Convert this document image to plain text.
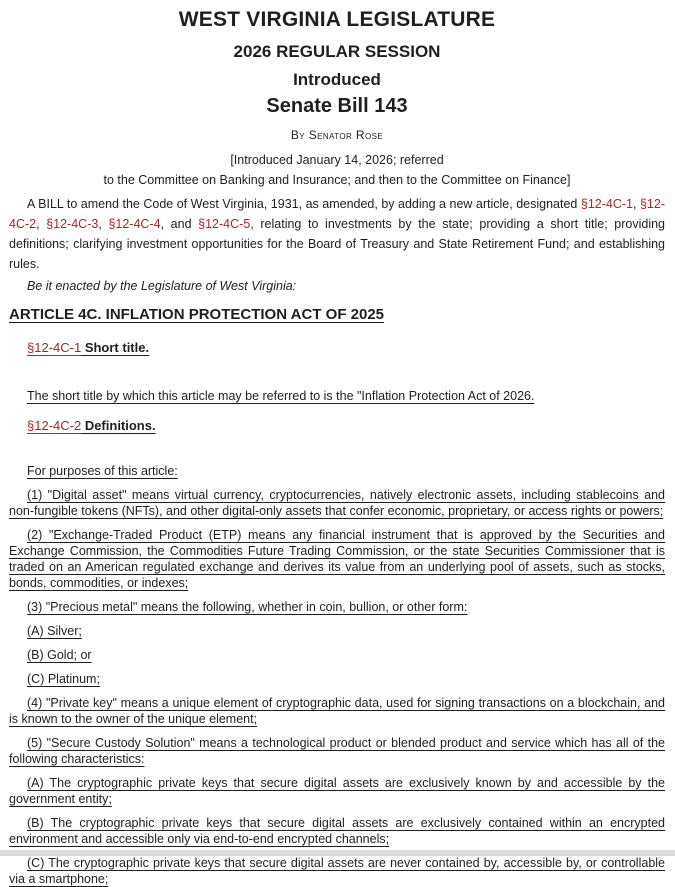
WEST VIRGINIA LEGISLATURE
2026 REGULAR SESSION
Introduced
Senate Bill 143
By Senator Rose
[Introduced January 14, 2026; referred
to the Committee on Banking and Insurance; and then to the Committee on Finance]

A BILL to amend the Code of West Virginia, 1931, as amended, by adding a new article, designated §12-4C-1, §12-4C-2, §12-4C-3, §12-4C-4, and §12-4C-5, relating to investments by the state; providing a short title; providing definitions; clarifying investment opportunities for the Board of Treasury and State Retirement Fund; and establishing rules.

Be it enacted by the Legislature of West Virginia:

ARTICLE 4C. INFLATION PROTECTION ACT OF 2025

§12-4C-1 Short title.

The short title by which this article may be referred to is the "Inflation Protection Act of 2026.

§12-4C-2 Definitions.

For purposes of this article:

(1) "Digital asset" means virtual currency, cryptocurrencies, natively electronic assets, including stablecoins and non-fungible tokens (NFTs), and other digital-only assets that confer economic, proprietary, or access rights or powers;

(2) "Exchange-Traded Product (ETP) means any financial instrument that is approved by the Securities and Exchange Commission, the Commodities Future Trading Commission, or the state Securities Commissioner that is traded on an American regulated exchange and derives its value from an underlying pool of assets, such as stocks, bonds, commodities, or indexes;

(3) "Precious metal" means the following, whether in coin, bullion, or other form:

(A) Silver;

(B) Gold; or

(C) Platinum;

(4) "Private key" means a unique element of cryptographic data, used for signing transactions on a blockchain, and is known to the owner of the unique element;

(5) "Secure Custody Solution" means a technological product or blended product and service which has all of the following characteristics:

(A) The cryptographic private keys that secure digital assets are exclusively known by and accessible by the government entity;

(B) The cryptographic private keys that secure digital assets are exclusively contained within an encrypted environment and accessible only via end-to-end encrypted channels;

(C) The cryptographic private keys that secure digital assets are never contained by, accessible by, or controllable via a smartphone;
